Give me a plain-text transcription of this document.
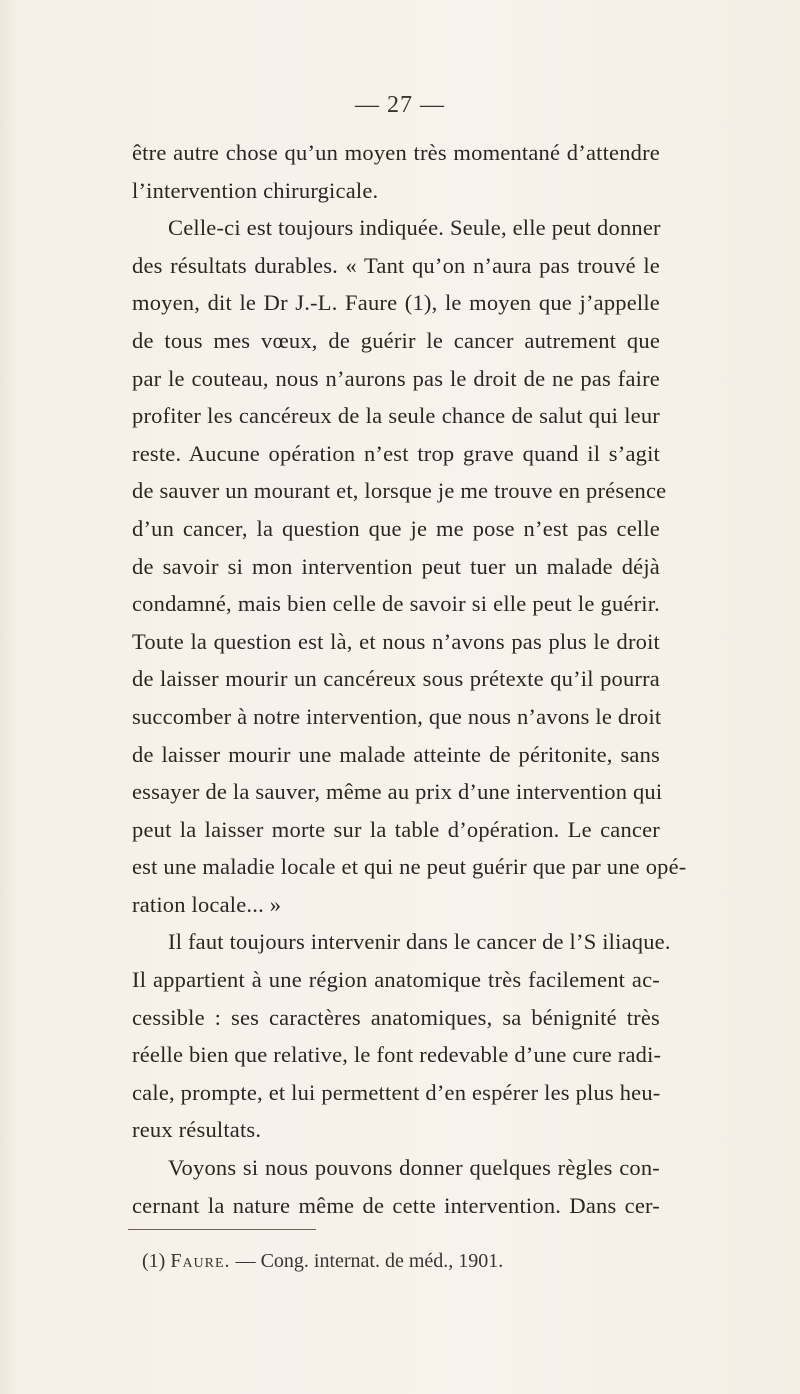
— 27 —
être autre chose qu’un moyen très momentané d’attendre
l’intervention chirurgicale.
Celle-ci est toujours indiquée. Seule, elle peut donner
des résultats durables. « Tant qu’on n’aura pas trouvé le
moyen, dit le Dr J.-L. Faure (1), le moyen que j’appelle
de tous mes vœux, de guérir le cancer autrement que
par le couteau, nous n’aurons pas le droit de ne pas faire
profiter les cancéreux de la seule chance de salut qui leur
reste. Aucune opération n’est trop grave quand il s’agit
de sauver un mourant et, lorsque je me trouve en présence
d’un cancer, la question que je me pose n’est pas celle
de savoir si mon intervention peut tuer un malade déjà
condamné, mais bien celle de savoir si elle peut le guérir.
Toute la question est là, et nous n’avons pas plus le droit
de laisser mourir un cancéreux sous prétexte qu’il pourra
succomber à notre intervention, que nous n’avons le droit
de laisser mourir une malade atteinte de péritonite, sans
essayer de la sauver, même au prix d’une intervention qui
peut la laisser morte sur la table d’opération. Le cancer
est une maladie locale et qui ne peut guérir que par une opé-
ration locale... »
Il faut toujours intervenir dans le cancer de l’S iliaque.
Il appartient à une région anatomique très facilement ac-
cessible : ses caractères anatomiques, sa bénignité très
réelle bien que relative, le font redevable d’une cure radi-
cale, prompte, et lui permettent d’en espérer les plus heu-
reux résultats.
Voyons si nous pouvons donner quelques règles con-
cernant la nature même de cette intervention. Dans cer-
(1) Faure. — Cong. internat. de méd., 1901.
